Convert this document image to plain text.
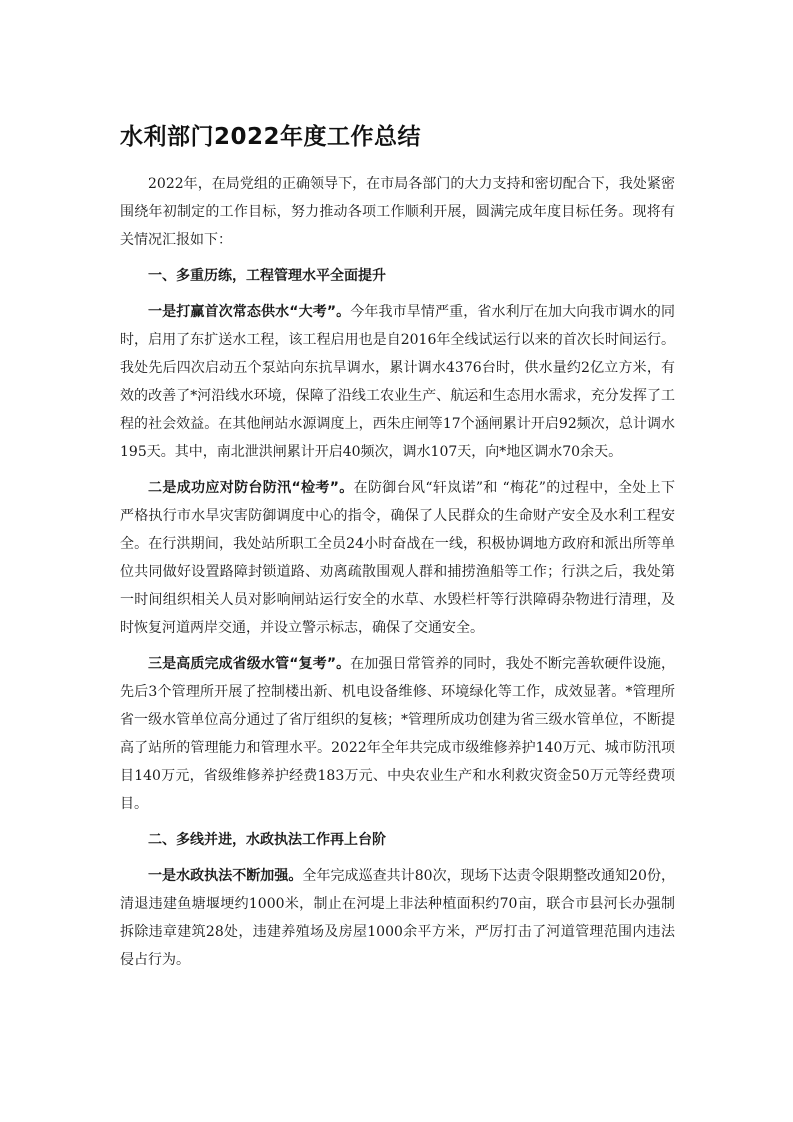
水利部门2022年度工作总结

2022年，在局党组的正确领导下，在市局各部门的大力支持和密切配合下，我处紧密围绕年初制定的工作目标，努力推动各项工作顺利开展，圆满完成年度目标任务。现将有关情况汇报如下：

一、多重历练，工程管理水平全面提升

一是打赢首次常态供水“大考”。今年我市旱情严重，省水利厅在加大向我市调水的同时，启用了东扩送水工程，该工程启用也是自2016年全线试运行以来的首次长时间运行。我处先后四次启动五个泵站向东抗旱调水，累计调水4376台时，供水量约2亿立方米，有效的改善了*河沿线水环境，保障了沿线工农业生产、航运和生态用水需求，充分发挥了工程的社会效益。在其他闸站水源调度上，西朱庄闸等17个涵闸累计开启92频次，总计调水195天。其中，南北泄洪闸累计开启40频次，调水107天，向*地区调水70余天。

二是成功应对防台防汛“检考”。在防御台风“轩岚诺”和 “梅花”的过程中，全处上下严格执行市水旱灾害防御调度中心的指令，确保了人民群众的生命财产安全及水利工程安全。在行洪期间，我处站所职工全员24小时奋战在一线，积极协调地方政府和派出所等单位共同做好设置路障封锁道路、劝离疏散围观人群和捕捞渔船等工作；行洪之后，我处第一时间组织相关人员对影响闸站运行安全的水草、水毁栏杆等行洪障碍杂物进行清理，及时恢复河道两岸交通，并设立警示标志，确保了交通安全。

三是高质完成省级水管“复考”。在加强日常管养的同时，我处不断完善软硬件设施，先后3个管理所开展了控制楼出新、机电设备维修、环境绿化等工作，成效显著。*管理所省一级水管单位高分通过了省厅组织的复核；*管理所成功创建为省三级水管单位，不断提高了站所的管理能力和管理水平。2022年全年共完成市级维修养护140万元、城市防汛项目140万元，省级维修养护经费183万元、中央农业生产和水利救灾资金50万元等经费项目。

二、多线并进，水政执法工作再上台阶

一是水政执法不断加强。全年完成巡查共计80次，现场下达责令限期整改通知20份，清退违建鱼塘堰埂约1000米，制止在河堤上非法种植面积约70亩，联合市县河长办强制拆除违章建筑28处，违建养殖场及房屋1000余平方米，严厉打击了河道管理范围内违法侵占行为。
